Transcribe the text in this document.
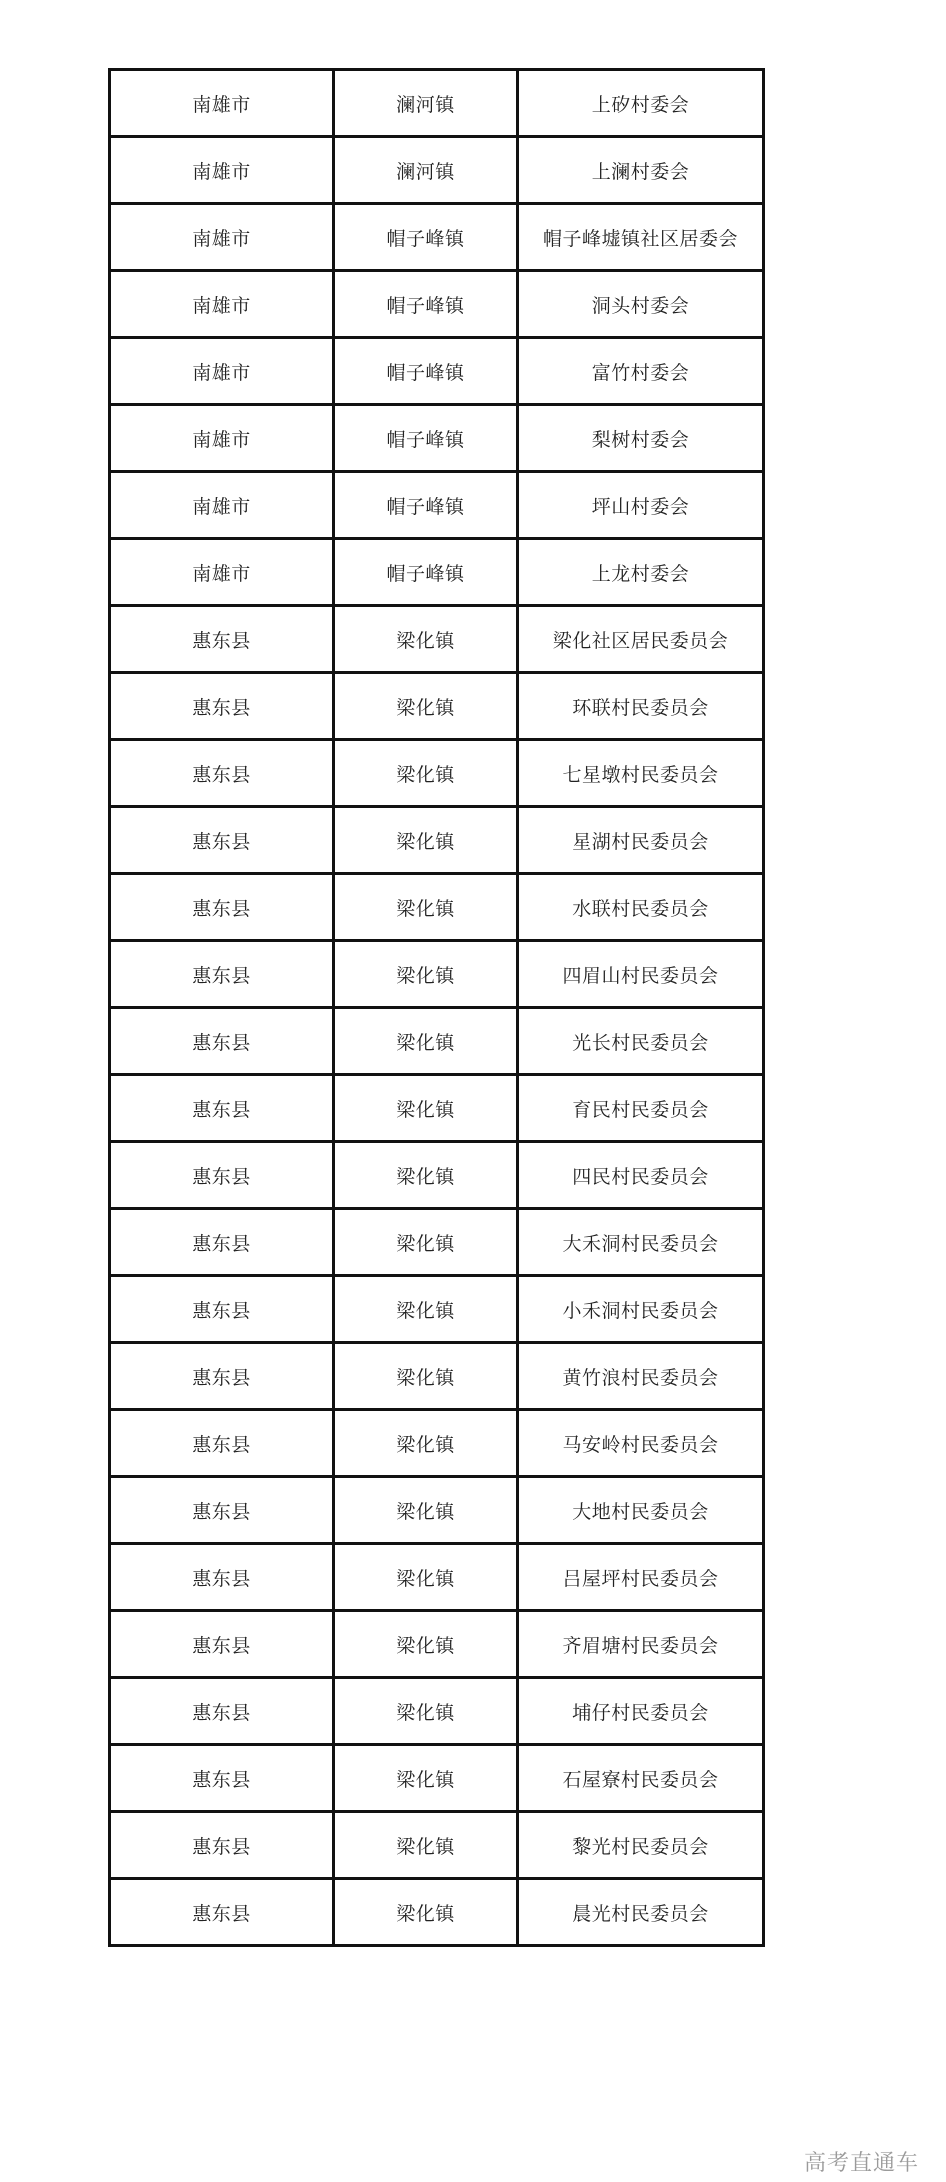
南雄市	澜河镇	上矽村委会
南雄市	澜河镇	上澜村委会
南雄市	帽子峰镇	帽子峰墟镇社区居委会
南雄市	帽子峰镇	洞头村委会
南雄市	帽子峰镇	富竹村委会
南雄市	帽子峰镇	梨树村委会
南雄市	帽子峰镇	坪山村委会
南雄市	帽子峰镇	上龙村委会
惠东县	梁化镇	梁化社区居民委员会
惠东县	梁化镇	环联村民委员会
惠东县	梁化镇	七星墩村民委员会
惠东县	梁化镇	星湖村民委员会
惠东县	梁化镇	水联村民委员会
惠东县	梁化镇	四眉山村民委员会
惠东县	梁化镇	光长村民委员会
惠东县	梁化镇	育民村民委员会
惠东县	梁化镇	四民村民委员会
惠东县	梁化镇	大禾洞村民委员会
惠东县	梁化镇	小禾洞村民委员会
惠东县	梁化镇	黄竹浪村民委员会
惠东县	梁化镇	马安岭村民委员会
惠东县	梁化镇	大地村民委员会
惠东县	梁化镇	吕屋坪村民委员会
惠东县	梁化镇	齐眉塘村民委员会
惠东县	梁化镇	埔仔村民委员会
惠东县	梁化镇	石屋寮村民委员会
惠东县	梁化镇	黎光村民委员会
惠东县	梁化镇	晨光村民委员会
高考直通车
